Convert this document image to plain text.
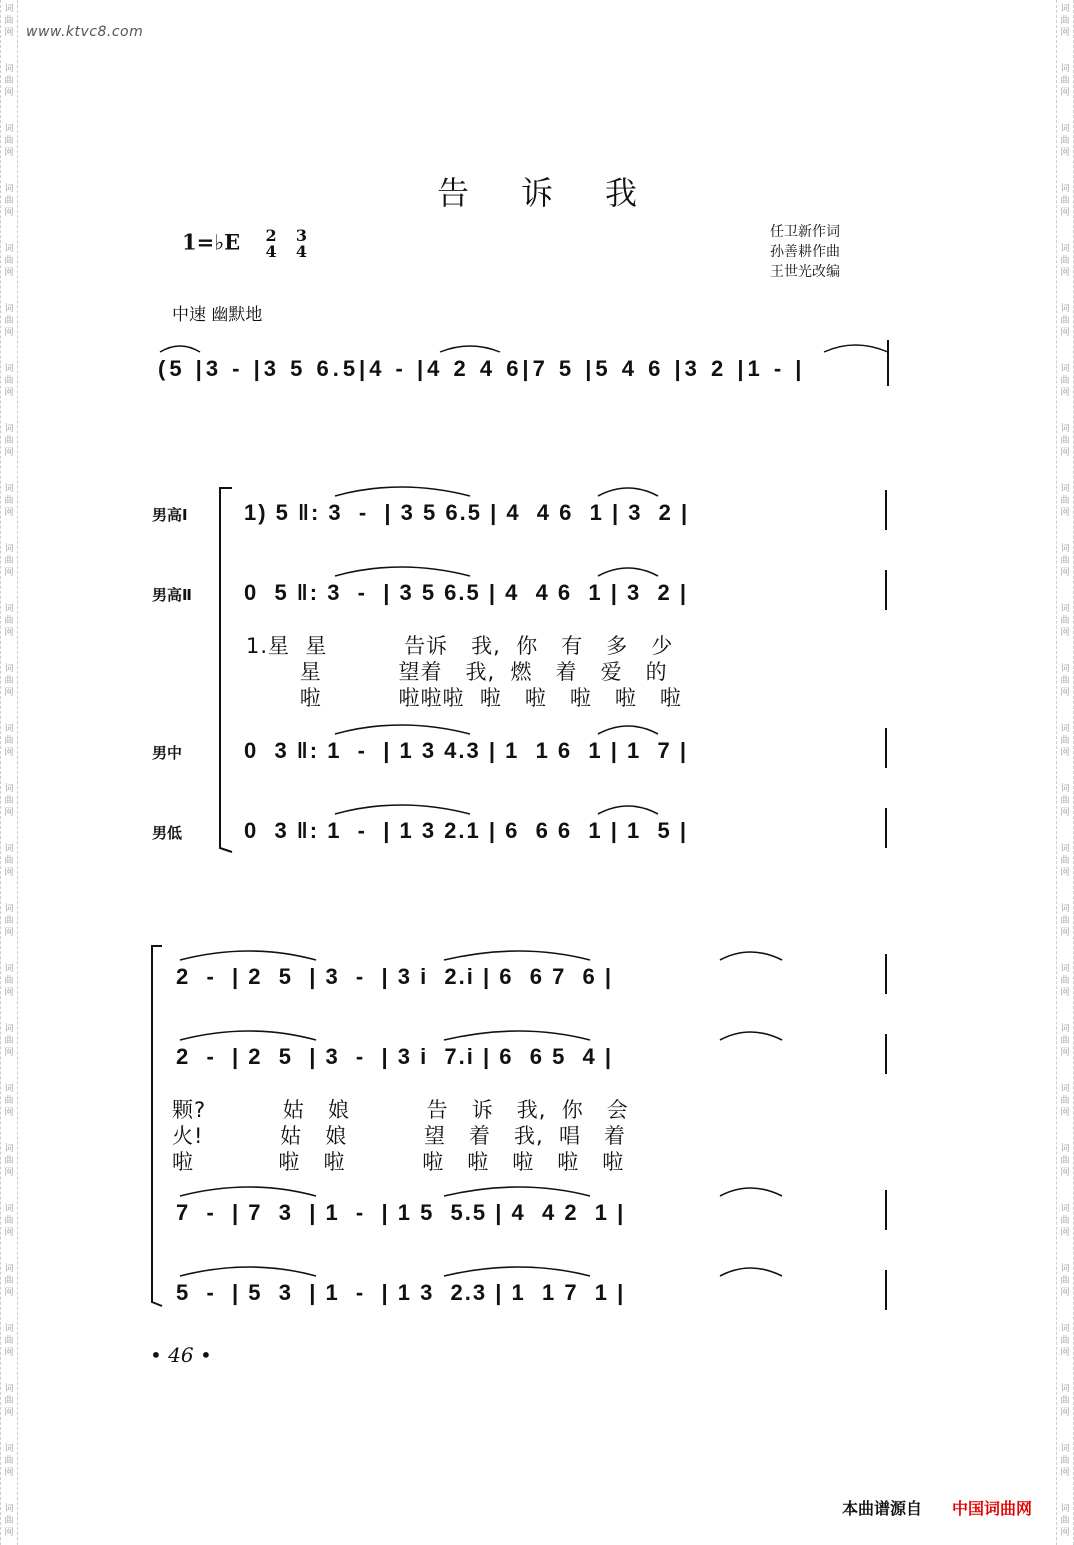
词
曲
网
词
曲
网
词
曲
网
词
曲
网
词
曲
网
词
曲
网
词
曲
网
词
曲
网
词
曲
网
词
曲
网
词
曲
网
词
曲
网
词
曲
网
词
曲
网
词
曲
网
词
曲
网
词
曲
网
词
曲
网
词
曲
网
词
曲
网
词
曲
网
词
曲
网
词
曲
网
词
曲
网
词
曲
网
词
曲
网
词
曲
网
词
曲
网
词
曲
网
词
曲
网
词
曲
网
词
曲
网
词
曲
网
词
曲
网
词
曲
网
词
曲
网
词
曲
网
词
曲
网
词
曲
网
词
曲
网
词
曲
网
词
曲
网
词
曲
网
词
曲
网
词
曲
网
词
曲
网
词
曲
网
词
曲
网
词
曲
网
词
曲
网
词
曲
网
词
曲
网
www.ktvc8.com
告诉我
1=♭E 2
4 3
4
任卫新作词
孙善耕作曲
王世光改编
中速 幽默地
(5 |3 - |3 5 6.5|4 - |4 2 4 6|7 5 |5 4 6 |3 2 |1 - |
男高I
男高Ⅱ
男中
男低
1) 5 ‖: 3  -  | 3 5 6.5 | 4  4 6  1 | 3  2 |
0  5 ‖: 3  -  | 3 5 6.5 | 4  4 6  1 | 3  2 |
1.星  星          告诉   我,  你   有   多   少
星          望着   我,  燃   着   爱   的
啦          啦啦啦  啦   啦   啦   啦   啦
0  3 ‖: 1  -  | 1 3 4.3 | 1  1 6  1 | 1  7 |
0  3 ‖: 1  -  | 1 3 2.1 | 6  6 6  1 | 1  5 |
2  -  | 2  5  | 3  -  | 3 i  2.i | 6  6 7  6 |
2  -  | 2  5  | 3  -  | 3 i  7.i | 6  6 5  4 |
颗?          姑   娘          告   诉   我,  你   会
火!          姑   娘          望   着   我,  唱   着
啦           啦   啦          啦   啦   啦   啦   啦
7  -  | 7  3  | 1  -  | 1 5  5.5 | 4  4 2  1 |
5  -  | 5  3  | 1  -  | 1 3  2.3 | 1  1 7  1 |
• 46 •
本曲谱源自 中国词曲网
